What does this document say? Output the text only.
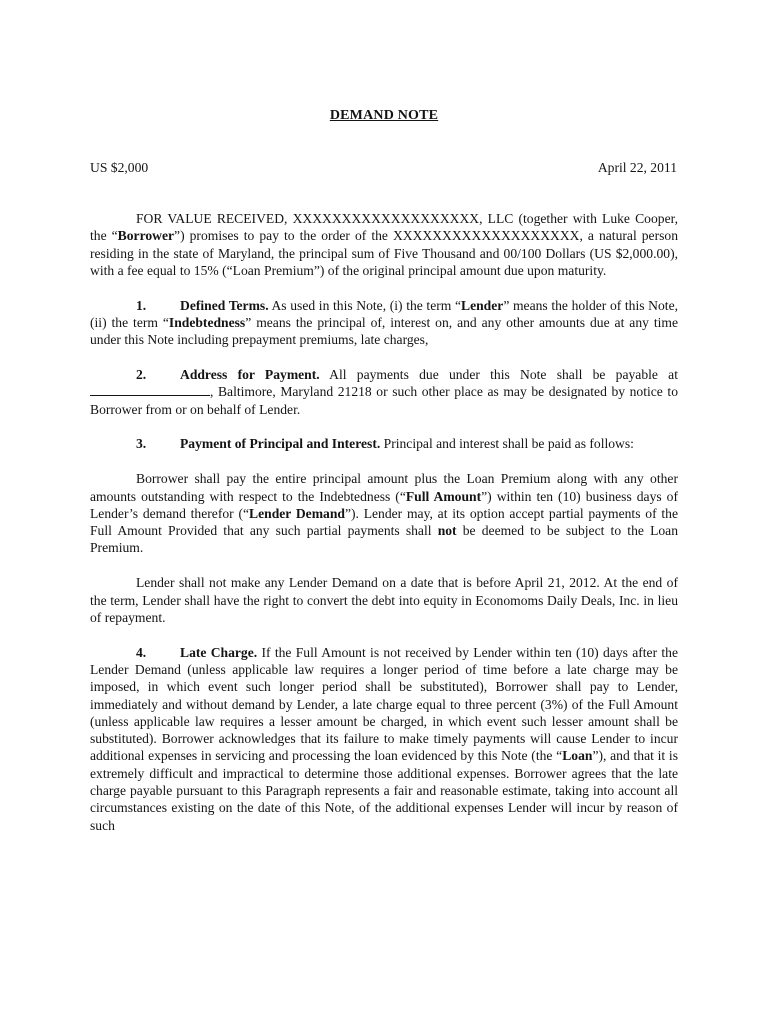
DEMAND NOTE
US $2,000	April 22, 2011

FOR VALUE RECEIVED, XXXXXXXXXXXXXXXXXXX, LLC (together with Luke Cooper, the “Borrower”) promises to pay to the order of the XXXXXXXXXXXXXXXXXXX, a natural person residing in the state of Maryland, the principal sum of Five Thousand and 00/100 Dollars (US $2,000.00), with a fee equal to 15% (“Loan Premium”) of the original principal amount due upon maturity.

1. Defined Terms. As used in this Note, (i) the term “Lender” means the holder of this Note, (ii) the term “Indebtedness” means the principal of, interest on, and any other amounts due at any time under this Note including prepayment premiums, late charges,

2. Address for Payment. All payments due under this Note shall be payable at , Baltimore, Maryland 21218 or such other place as may be designated by notice to Borrower from or on behalf of Lender.

3. Payment of Principal and Interest. Principal and interest shall be paid as follows:

Borrower shall pay the entire principal amount plus the Loan Premium along with any other amounts outstanding with respect to the Indebtedness (“Full Amount”) within ten (10) business days of Lender’s demand therefor (“Lender Demand”). Lender may, at its option accept partial payments of the Full Amount Provided that any such partial payments shall not be deemed to be subject to the Loan Premium.

Lender shall not make any Lender Demand on a date that is before April 21, 2012. At the end of the term, Lender shall have the right to convert the debt into equity in Economoms Daily Deals, Inc. in lieu of repayment.

4. Late Charge. If the Full Amount is not received by Lender within ten (10) days after the Lender Demand (unless applicable law requires a longer period of time before a late charge may be imposed, in which event such longer period shall be substituted), Borrower shall pay to Lender, immediately and without demand by Lender, a late charge equal to three percent (3%) of the Full Amount (unless applicable law requires a lesser amount be charged, in which event such lesser amount shall be substituted). Borrower acknowledges that its failure to make timely payments will cause Lender to incur additional expenses in servicing and processing the loan evidenced by this Note (the “Loan”), and that it is extremely difficult and impractical to determine those additional expenses. Borrower agrees that the late charge payable pursuant to this Paragraph represents a fair and reasonable estimate, taking into account all circumstances existing on the date of this Note, of the additional expenses Lender will incur by reason of such
